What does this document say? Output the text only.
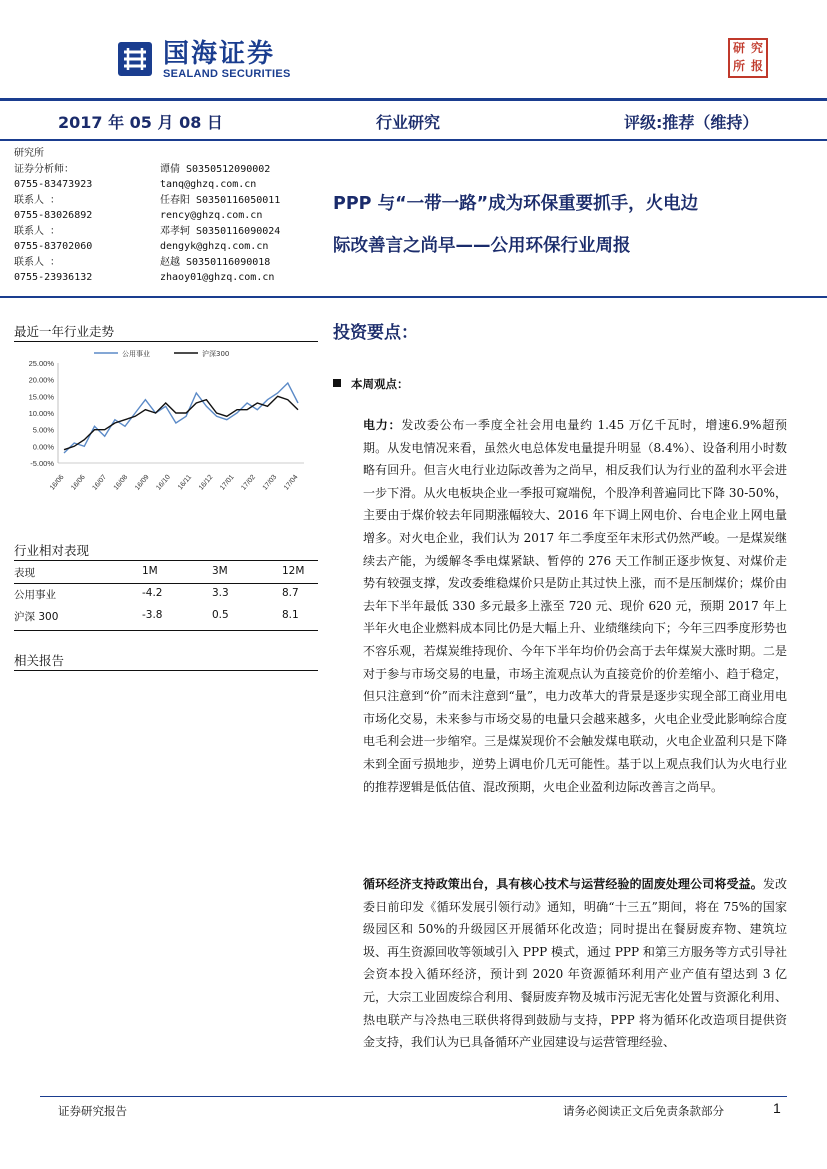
国海证券
SEALAND SECURITIES
研 究
所 报
2017 年 05 月 08 日	行业研究	评级:推荐（维持）
研究所
证券分析师：	谭倩 S0350512090002
0755-83473923	tanq@ghzq.com.cn
联系人 ：	任春阳 S0350116050011
0755-83026892	rency@ghzq.com.cn
联系人 ：	邓孝轲 S0350116090024
0755-83702060	dengyk@ghzq.com.cn
联系人 ：	赵越 S0350116090018
0755-23936132	zhaoy01@ghzq.com.cn
PPP 与“一带一路”成为环保重要抓手，火电边
际改善言之尚早——公用环保行业周报
最近一年行业走势
-5.00%
0.00%
5.00%
10.00%
15.00%
20.00%
25.00%
16/06 16/06 16/07 16/08 16/09 16/10 16/11 16/12 17/01 17/02 17/03 17/04
公用事业	沪深300
行业相对表现
表现	1M	3M	12M
公用事业	-4.2	3.3	8.7
沪深 300	-3.8	0.5	8.1
相关报告
投资要点：
本周观点：
电力：发改委公布一季度全社会用电量约 1.45 万亿千瓦时，增速6.9%超预期。从发电情况来看，虽然火电总体发电量提升明显（8.4%）、设备利用小时数略有回升。但言火电行业边际改善为之尚早，相反我们认为行业的盈利水平会进一步下滑。从火电板块企业一季报可窥端倪，个股净利普遍同比下降 30-50%，主要由于煤价较去年同期涨幅较大、2016 年下调上网电价、台电企业上网电量增多。对火电企业，我们认为 2017 年二季度至年末形式仍然严峻。一是煤炭继续去产能，为缓解冬季电煤紧缺、暂停的 276 天工作制正逐步恢复、对煤价走势有较强支撑，发改委维稳煤价只是防止其过快上涨，而不是压制煤价；煤价由去年下半年最低 330 多元最多上涨至 720 元、现价 620 元，预期 2017 年上半年火电企业燃料成本同比仍是大幅上升、业绩继续向下；今年三四季度形势也不容乐观，若煤炭维持现价、今年下半年均价仍会高于去年煤炭大涨时期。二是对于参与市场交易的电量，市场主流观点认为直接竞价的价差缩小、趋于稳定，但只注意到“价”而未注意到“量”，电力改革大的背景是逐步实现全部工商业用电市场化交易，未来参与市场交易的电量只会越来越多，火电企业受此影响综合度电毛利会进一步缩窄。三是煤炭现价不会触发煤电联动，火电企业盈利只是下降未到全面亏损地步，逆势上调电价几无可能性。基于以上观点我们认为火电行业的推荐逻辑是低估值、混改预期，火电企业盈利边际改善言之尚早。
循环经济支持政策出台，具有核心技术与运营经验的固废处理公司将受益。发改委日前印发《循环发展引领行动》通知，明确“十三五”期间，将在 75%的国家级园区和 50%的升级园区开展循环化改造；同时提出在餐厨废弃物、建筑垃圾、再生资源回收等领域引入 PPP 模式，通过 PPP 和第三方服务等方式引导社会资本投入循环经济，预计到 2020 年资源循环利用产业产值有望达到 3 亿元，大宗工业固废综合利用、餐厨废弃物及城市污泥无害化处置与资源化利用、热电联产与冷热电三联供将得到鼓励与支持，PPP 将为循环化改造项目提供资金支持，我们认为已具备循环产业园建设与运营管理经验、
证券研究报告	请务必阅读正文后免责条款部分	1
